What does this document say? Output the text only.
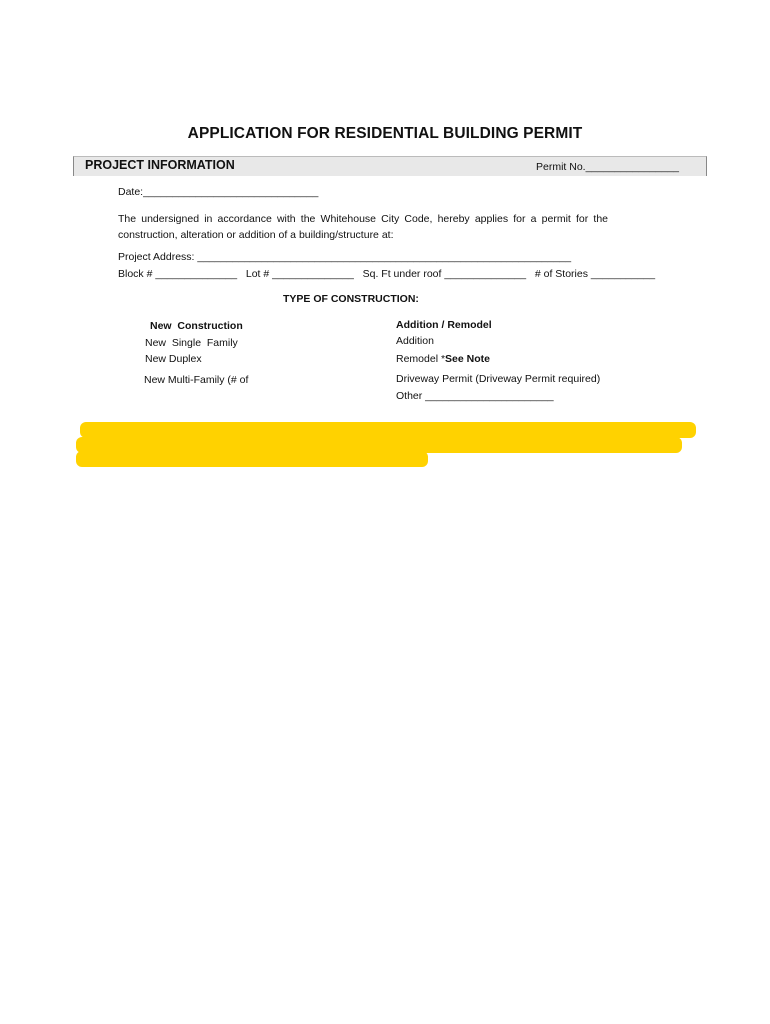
APPLICATION FOR RESIDENTIAL BUILDING PERMIT
PROJECT INFORMATION	Permit No.________________
Date:______________________________
The undersigned in accordance with the Whitehouse City Code, hereby applies for a permit for the construction, alteration or addition of a building/structure at:
Project Address: ________________________________________________________________
Block # ______________   Lot # ______________   Sq. Ft under roof ______________   # of Stories ___________
TYPE OF CONSTRUCTION:
New  Construction
New  Single  Family
New Duplex
New Multi-Family (# of
Addition / Remodel
Addition
Remodel *See Note
Driveway Permit (Driveway Permit required)
Other ______________________
